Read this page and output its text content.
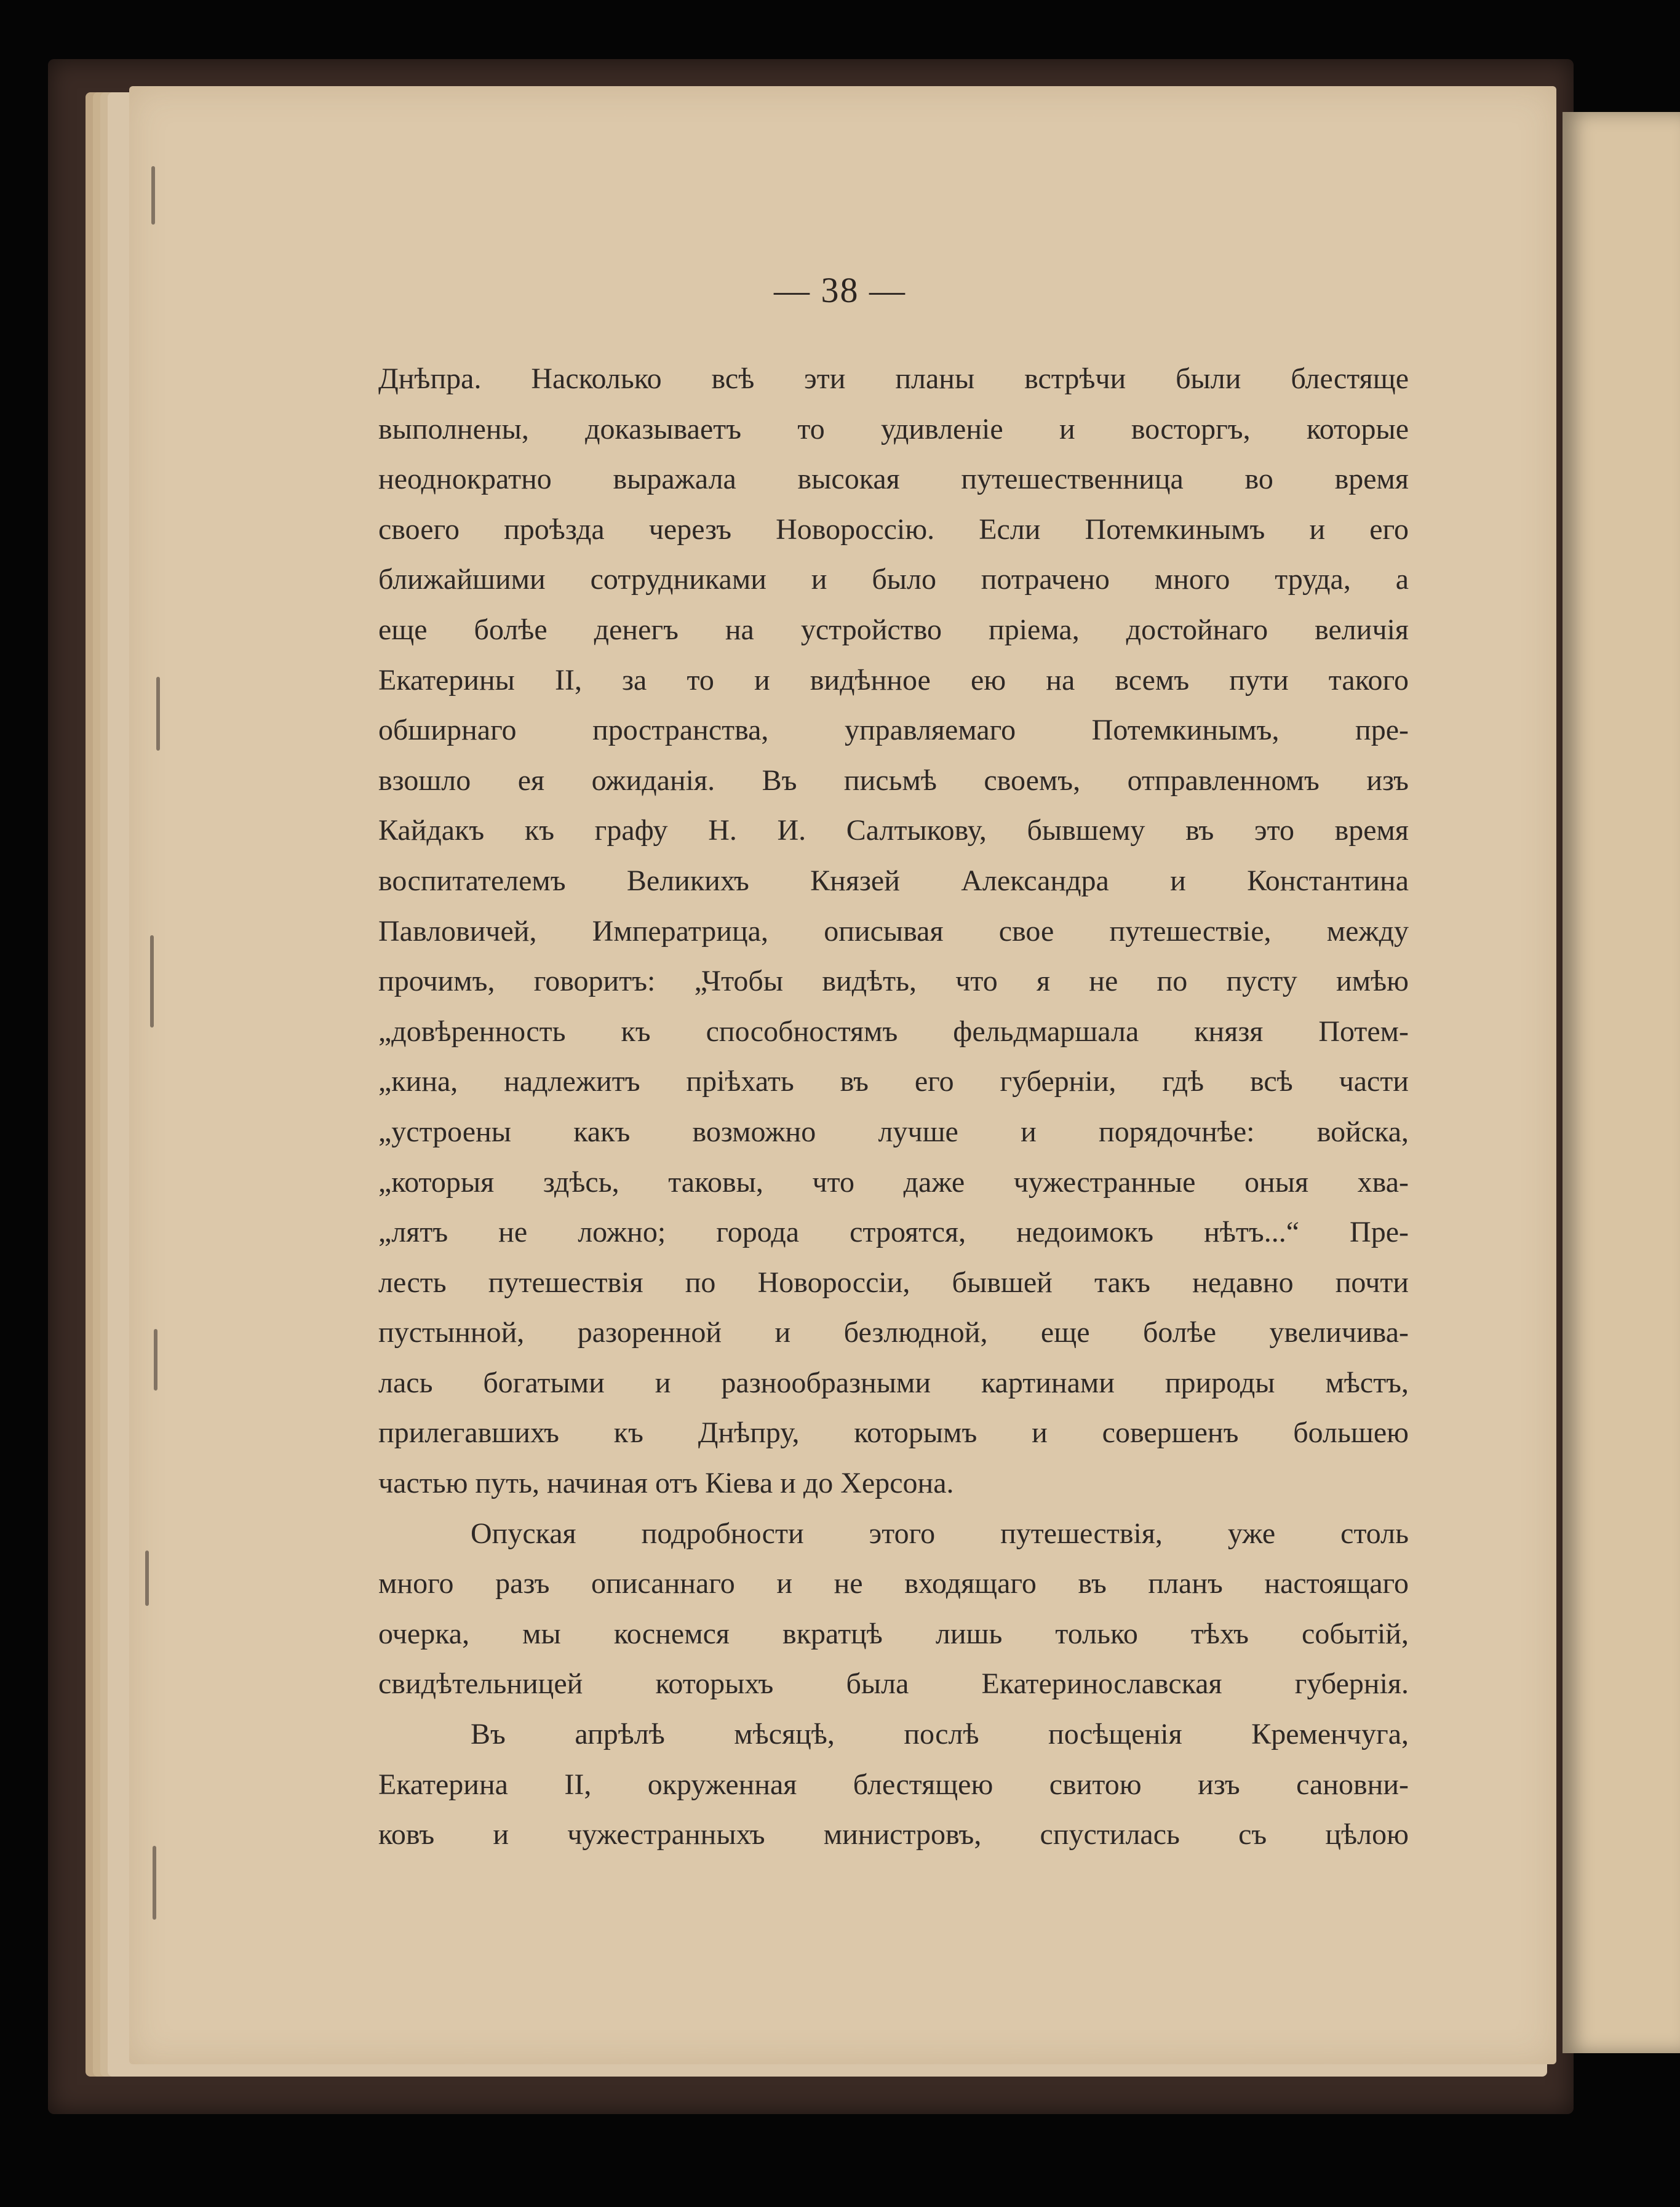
— 38 —
Днѣпра. Насколько всѣ эти планы встрѣчи были блестяще
выполнены, доказываетъ то удивленіе и восторгъ, которые
неоднократно выражала высокая путешественница во время
своего проѣзда черезъ Новороссію. Если Потемкинымъ и его
ближайшими сотрудниками и было потрачено много труда, а
еще болѣе денегъ на устройство пріема, достойнаго величія
Екатерины II, за то и видѣнное ею на всемъ пути такого
обширнаго пространства, управляемаго Потемкинымъ, пре-
взошло ея ожиданія. Въ письмѣ своемъ, отправленномъ изъ
Кайдакъ къ графу Н. И. Салтыкову, бывшему въ это время
воспитателемъ Великихъ Князей Александра и Константина
Павловичей, Императрица, описывая свое путешествіе, между
прочимъ, говоритъ: „Чтобы видѣть, что я не по пусту имѣю
„довѣренность къ способностямъ фельдмаршала князя Потем-
„кина, надлежитъ пріѣхать въ его губерніи, гдѣ всѣ части
„устроены какъ возможно лучше и порядочнѣе: войска,
„которыя здѣсь, таковы, что даже чужестранные оныя хва-
„лятъ не ложно; города строятся, недоимокъ нѣтъ...“ Пре-
лесть путешествія по Новороссіи, бывшей такъ недавно почти
пустынной, разоренной и безлюдной, еще болѣе увеличива-
лась богатыми и разнообразными картинами природы мѣстъ,
прилегавшихъ къ Днѣпру, которымъ и совершенъ большею
частью путь, начиная отъ Кіева и до Херсона.
Опуская подробности этого путешествія, уже столь
много разъ описаннаго и не входящаго въ планъ настоящаго
очерка, мы коснемся вкратцѣ лишь только тѣхъ событій,
свидѣтельницей которыхъ была Екатеринославская губернія.
Въ апрѣлѣ мѣсяцѣ, послѣ посѣщенія Кременчуга,
Екатерина II, окруженная блестящею свитою изъ сановни-
ковъ и чужестранныхъ министровъ, спустилась съ цѣлою
